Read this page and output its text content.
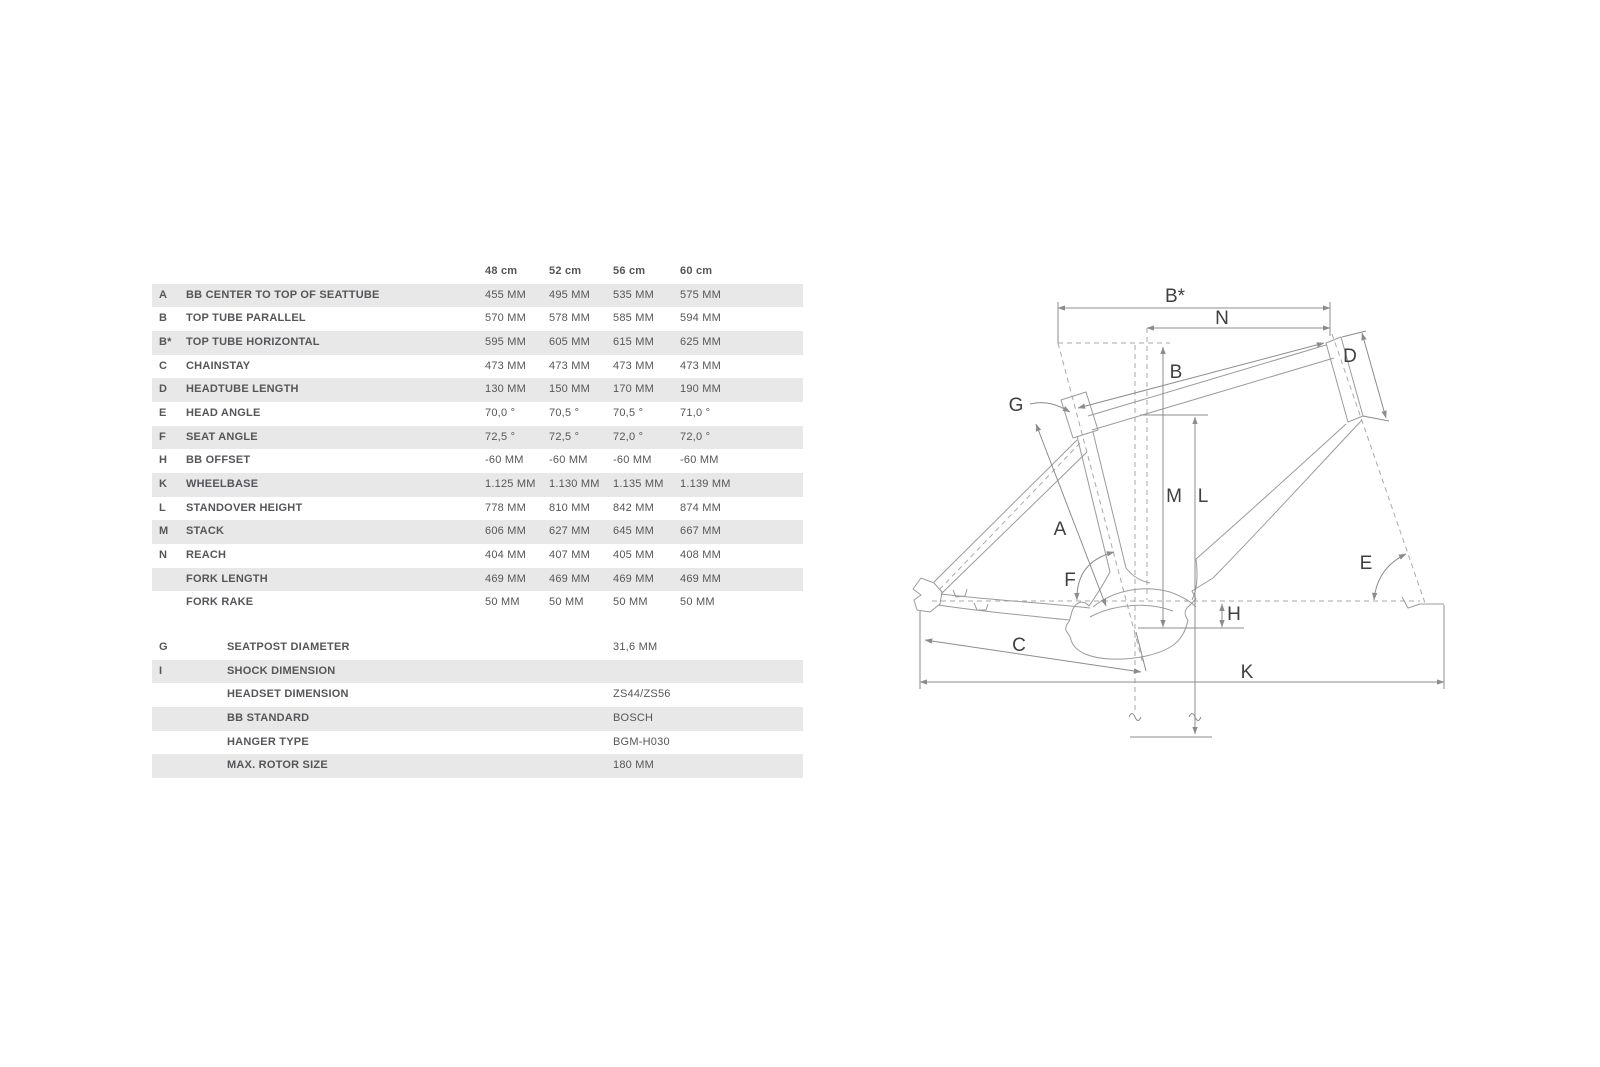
48 cm	52 cm	56 cm	60 cm
A	BB CENTER TO TOP OF SEATTUBE	455 MM	495 MM	535 MM	575 MM
B	TOP TUBE PARALLEL	570 MM	578 MM	585 MM	594 MM
B*	TOP TUBE HORIZONTAL	595 MM	605 MM	615 MM	625 MM
C	CHAINSTAY	473 MM	473 MM	473 MM	473 MM
D	HEADTUBE LENGTH	130 MM	150 MM	170 MM	190 MM
E	HEAD ANGLE	70,0 °	70,5 °	70,5 °	71,0 °
F	SEAT ANGLE	72,5 °	72,5 °	72,0 °	72,0 °
H	BB OFFSET	-60 MM	-60 MM	-60 MM	-60 MM
K	WHEELBASE	1.125 MM	1.130 MM	1.135 MM	1.139 MM
L	STANDOVER HEIGHT	778 MM	810 MM	842 MM	874 MM
M	STACK	606 MM	627 MM	645 MM	667 MM
N	REACH	404 MM	407 MM	405 MM	408 MM
FORK LENGTH	469 MM	469 MM	469 MM	469 MM
FORK RAKE	50 MM	50 MM	50 MM	50 MM
G	SEATPOST DIAMETER	31,6 MM
I	SHOCK DIMENSION
HEADSET DIMENSION	ZS44/ZS56
BB STANDARD	BOSCH
HANGER TYPE	BGM-H030
MAX. ROTOR SIZE	180 MM
B*
N
B
D
G
A
F
M L
E
H
C
K
